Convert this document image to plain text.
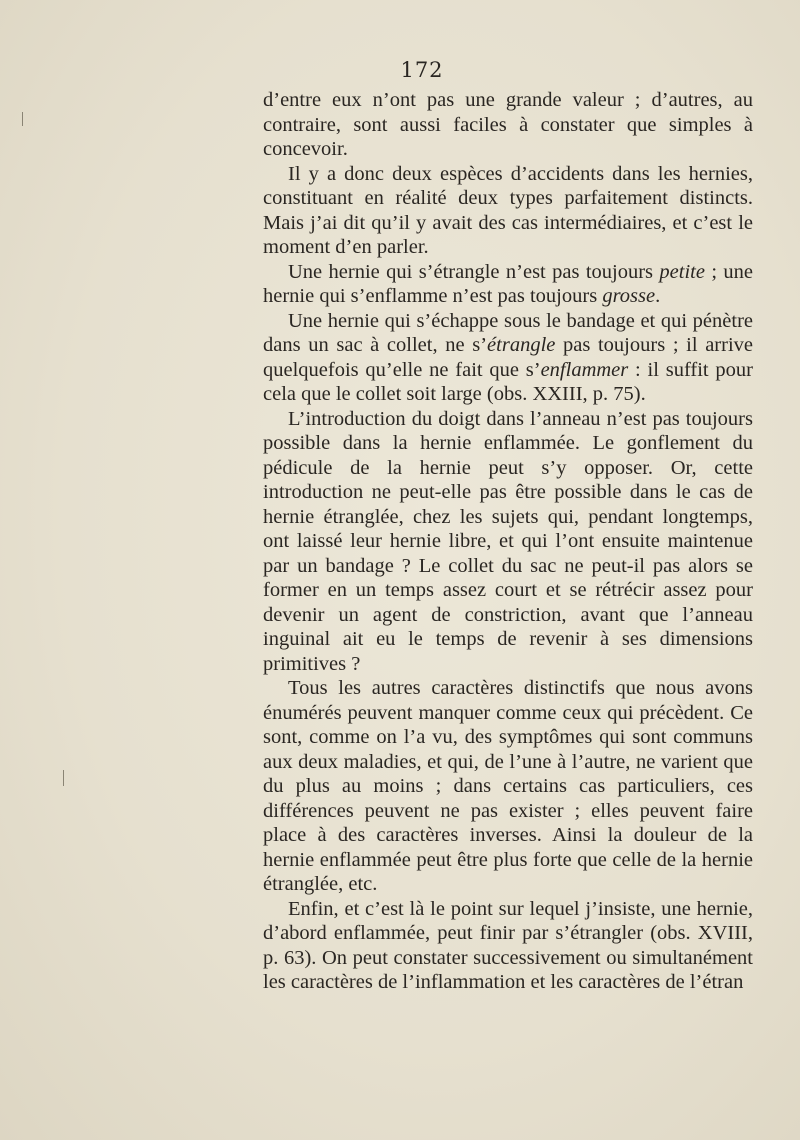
172

d’entre eux n’ont pas une grande valeur ; d’autres, au contraire, sont aussi faciles à constater que simples à concevoir.

Il y a donc deux espèces d’accidents dans les hernies, constituant en réalité deux types parfaitement distincts. Mais j’ai dit qu’il y avait des cas intermédiaires, et c’est le moment d’en parler.

Une hernie qui s’étrangle n’est pas toujours petite ; une hernie qui s’enflamme n’est pas toujours grosse.

Une hernie qui s’échappe sous le bandage et qui pénètre dans un sac à collet, ne s’étrangle pas toujours ; il arrive quelquefois qu’elle ne fait que s’enflammer : il suffit pour cela que le collet soit large (obs. XXIII, p. 75).

L’introduction du doigt dans l’anneau n’est pas toujours possible dans la hernie enflammée. Le gonflement du pédicule de la hernie peut s’y opposer. Or, cette introduction ne peut-elle pas être possible dans le cas de hernie étranglée, chez les sujets qui, pendant longtemps, ont laissé leur hernie libre, et qui l’ont ensuite maintenue par un bandage ? Le collet du sac ne peut-il pas alors se former en un temps assez court et se rétrécir assez pour devenir un agent de constriction, avant que l’anneau inguinal ait eu le temps de revenir à ses dimensions primitives ?

Tous les autres caractères distinctifs que nous avons énumérés peuvent manquer comme ceux qui précèdent. Ce sont, comme on l’a vu, des symptômes qui sont communs aux deux maladies, et qui, de l’une à l’autre, ne varient que du plus au moins ; dans certains cas particuliers, ces différences peuvent ne pas exister ; elles peuvent faire place à des caractères inverses. Ainsi la douleur de la hernie enflammée peut être plus forte que celle de la hernie étranglée, etc.

Enfin, et c’est là le point sur lequel j’insiste, une hernie, d’abord enflammée, peut finir par s’étrangler (obs. XVIII, p. 63). On peut constater successivement ou simultanément les caractères de l’inflammation et les caractères de l’étran
